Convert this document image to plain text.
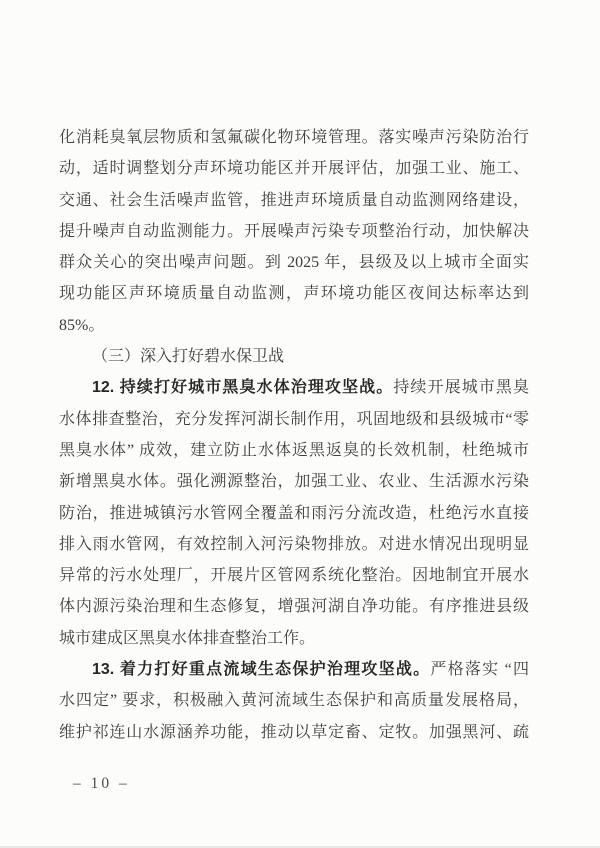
化消耗臭氧层物质和氢氟碳化物环境管理。落实噪声污染防治行
动，适时调整划分声环境功能区并开展评估，加强工业、施工、
交通、社会生活噪声监管，推进声环境质量自动监测网络建设，
提升噪声自动监测能力。开展噪声污染专项整治行动，加快解决
群众关心的突出噪声问题。到 2025 年，县级及以上城市全面实
现功能区声环境质量自动监测，声环境功能区夜间达标率达到
85%。
（三）深入打好碧水保卫战
12. 持续打好城市黑臭水体治理攻坚战。持续开展城市黑臭
水体排查整治，充分发挥河湖长制作用，巩固地级和县级城市“零
黑臭水体” 成效，建立防止水体返黑返臭的长效机制，杜绝城市
新增黑臭水体。强化溯源整治，加强工业、农业、生活源水污染
防治，推进城镇污水管网全覆盖和雨污分流改造，杜绝污水直接
排入雨水管网，有效控制入河污染物排放。对进水情况出现明显
异常的污水处理厂，开展片区管网系统化整治。因地制宜开展水
体内源污染治理和生态修复，增强河湖自净功能。有序推进县级
城市建成区黑臭水体排查整治工作。
13. 着力打好重点流域生态保护治理攻坚战。严格落实 “四
水四定” 要求，积极融入黄河流域生态保护和高质量发展格局，
维护祁连山水源涵养功能，推动以草定畜、定牧。加强黑河、疏
– 10 –
